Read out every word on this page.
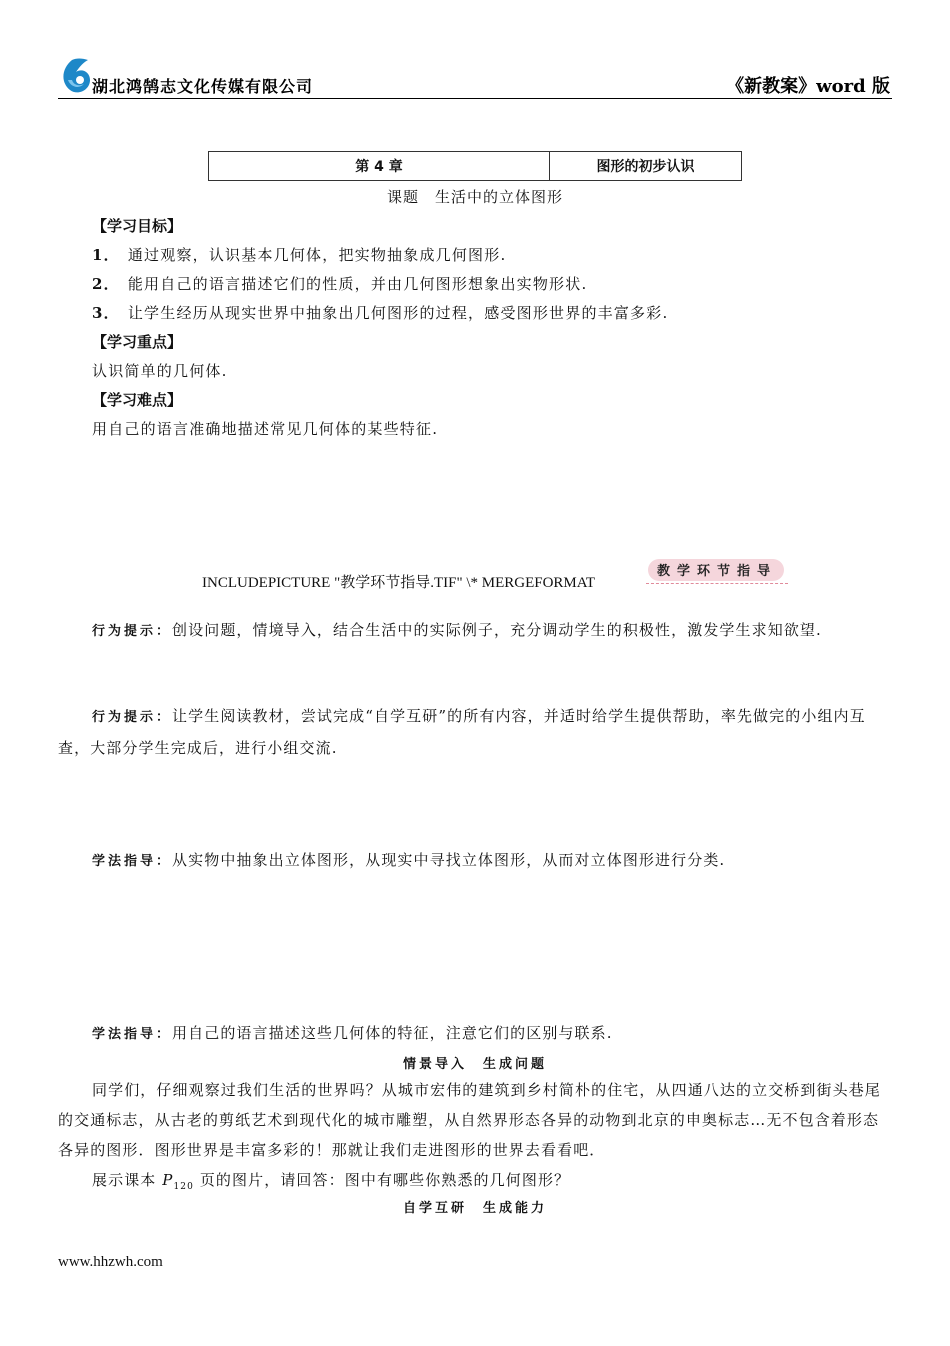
湖北鸿鹄志文化传媒有限公司	《新教案》word 版
第 4 章	图形的初步认识
课题　生活中的立体图形
【学习目标】
1． 通过观察，认识基本几何体，把实物抽象成几何图形.
2． 能用自己的语言描述它们的性质，并由几何图形想象出实物形状.
3． 让学生经历从现实世界中抽象出几何图形的过程，感受图形世界的丰富多彩.
【学习重点】
认识简单的几何体.
【学习难点】
用自己的语言准确地描述常见几何体的某些特征.
INCLUDEPICTURE "教学环节指导.TIF" \* MERGEFORMAT
教学环节指导
行为提示：创设问题，情境导入，结合生活中的实际例子，充分调动学生的积极性，激发学生求知欲望.
行为提示：让学生阅读教材，尝试完成“自学互研”的所有内容，并适时给学生提供帮助，率先做完的小组内互查，大部分学生完成后，进行小组交流.
学法指导：从实物中抽象出立体图形，从现实中寻找立体图形，从而对立体图形进行分类.
学法指导：用自己的语言描述这些几何体的特征，注意它们的区别与联系.
情景导入　生成问题
同学们，仔细观察过我们生活的世界吗？从城市宏伟的建筑到乡村简朴的住宅，从四通八达的立交桥到街头巷尾的交通标志，从古老的剪纸艺术到现代化的城市雕塑，从自然界形态各异的动物到北京的申奥标志…无不包含着形态各异的图形．图形世界是丰富多彩的！那就让我们走进图形的世界去看看吧．
展示课本 $P_{120}$ 页的图片，请回答：图中有哪些你熟悉的几何图形？
自学互研　生成能力
www.hhzwh.com
